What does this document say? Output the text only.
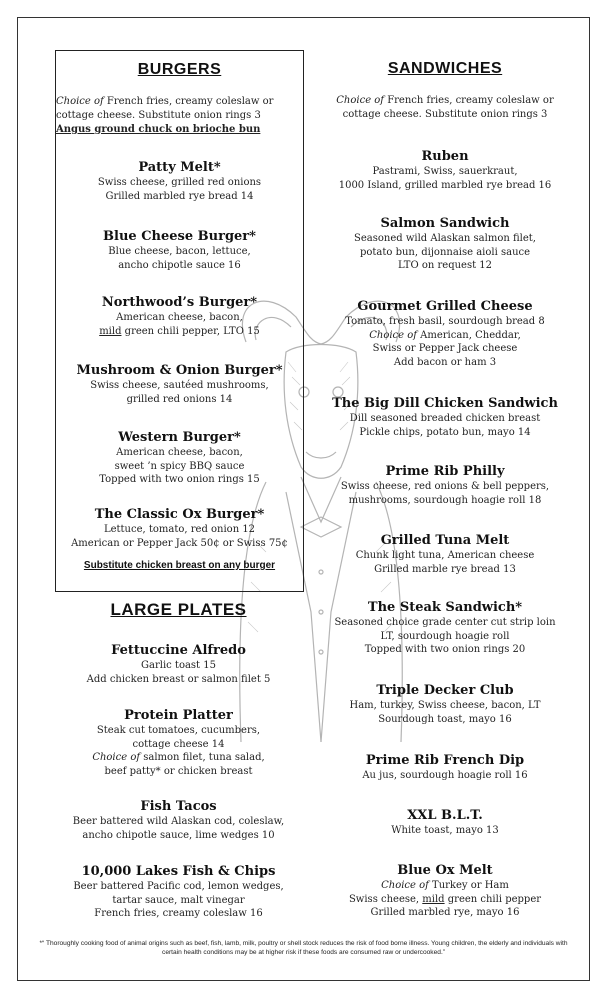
BURGERS
Choice of French fries, creamy coleslaw or cottage cheese. Substitute onion rings 3
Angus ground chuck on brioche bun
Patty Melt*
Swiss cheese, grilled red onions
Grilled marbled rye bread 14
Blue Cheese Burger*
Blue cheese, bacon, lettuce,
ancho chipotle sauce 16
Northwood’s Burger*
American cheese, bacon,
mild green chili pepper, LTO 15
Mushroom & Onion Burger*
Swiss cheese, sautéed mushrooms,
grilled red onions 14
Western Burger*
American cheese, bacon,
sweet ’n spicy BBQ sauce
Topped with two onion rings 15
The Classic Ox Burger*
Lettuce, tomato, red onion 12
American or Pepper Jack 50¢ or Swiss 75¢
Substitute chicken breast on any burger
LARGE PLATES
Fettuccine Alfredo
Garlic toast 15
Add chicken breast or salmon filet 5
Protein Platter
Steak cut tomatoes, cucumbers,
cottage cheese 14
Choice of salmon filet, tuna salad,
beef patty* or chicken breast
Fish Tacos
Beer battered wild Alaskan cod, coleslaw,
ancho chipotle sauce, lime wedges 10
10,000 Lakes Fish & Chips
Beer battered Pacific cod, lemon wedges,
tartar sauce, malt vinegar
French fries, creamy coleslaw 16
SANDWICHES
Choice of French fries, creamy coleslaw or cottage cheese. Substitute onion rings 3
Ruben
Pastrami, Swiss, sauerkraut,
1000 Island, grilled marbled rye bread 16
Salmon Sandwich
Seasoned wild Alaskan salmon filet,
potato bun, dijonnaise aioli sauce
LTO on request 12
Gourmet Grilled Cheese
Tomato, fresh basil, sourdough bread 8
Choice of American, Cheddar,
Swiss or Pepper Jack cheese
Add bacon or ham 3
The Big Dill Chicken Sandwich
Dill seasoned breaded chicken breast
Pickle chips, potato bun, mayo 14
Prime Rib Philly
Swiss cheese, red onions & bell peppers,
mushrooms, sourdough hoagie roll 18
Grilled Tuna Melt
Chunk light tuna, American cheese
Grilled marble rye bread 13
The Steak Sandwich*
Seasoned choice grade center cut strip loin
LT, sourdough hoagie roll
Topped with two onion rings 20
Triple Decker Club
Ham, turkey, Swiss cheese, bacon, LT
Sourdough toast, mayo 16
Prime Rib French Dip
Au jus, sourdough hoagie roll 16
XXL B.L.T.
White toast, mayo 13
Blue Ox Melt
Choice of Turkey or Ham
Swiss cheese, mild green chili pepper
Grilled marbled rye, mayo 16
*“ Thoroughly cooking food of animal origins such as beef, fish, lamb, milk, poultry or shell stock reduces the risk of food borne illness. Young children, the elderly and individuals with certain health conditions may be at higher risk if these foods are consumed raw or undercooked.”
